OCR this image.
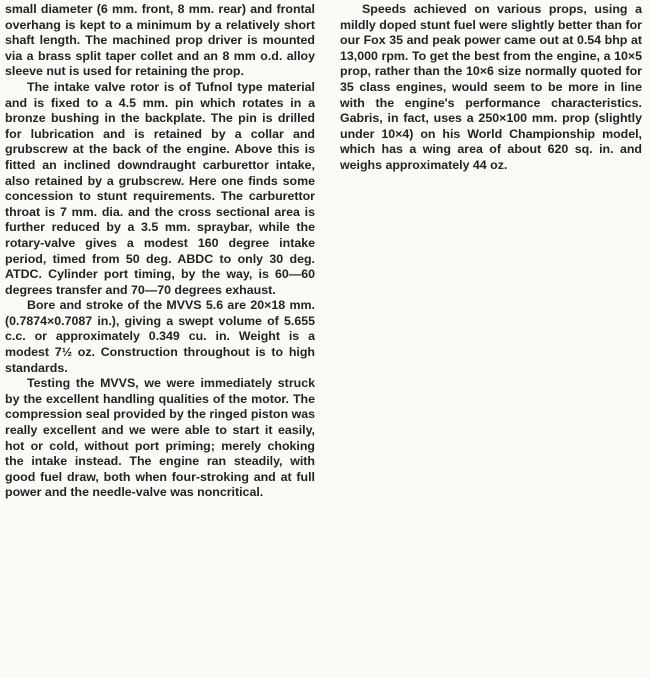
small diameter (6 mm. front, 8 mm. rear) and frontal overhang is kept to a minimum by a relatively short shaft length. The machined prop driver is mounted via a brass split taper collet and an 8 mm o.d. alloy sleeve nut is used for retaining the prop.

The intake valve rotor is of Tufnol type material and is fixed to a 4.5 mm. pin which rotates in a bronze bushing in the backplate. The pin is drilled for lubrication and is retained by a collar and grubscrew at the back of the engine. Above this is fitted an inclined downdraught carburettor intake, also retained by a grubscrew. Here one finds some concession to stunt requirements. The carburettor throat is 7 mm. dia. and the cross sectional area is further reduced by a 3.5 mm. spraybar, while the rotary-valve gives a modest 160 degree intake period, timed from 50 deg. ABDC to only 30 deg. ATDC. Cylinder port timing, by the way, is 60—60 degrees transfer and 70—70 degrees exhaust.

Bore and stroke of the MVVS 5.6 are 20×18 mm. (0.7874×0.7087 in.), giving a swept volume of 5.655 c.c. or approximately 0.349 cu. in. Weight is a modest 7½ oz. Construction throughout is to high standards.

Testing the MVVS, we were immediately struck by the excellent handling qualities of the motor. The compression seal provided by the ringed piston was really excellent and we were able to start it easily, hot or cold, without port priming; merely choking the intake instead. The engine ran steadily, with good fuel draw, both when four-stroking and at full power and the needle-valve was noncritical.

Speeds achieved on various props, using a mildly doped stunt fuel were slightly better than for our Fox 35 and peak power came out at 0.54 bhp at 13,000 rpm. To get the best from the engine, a 10×5 prop, rather than the 10×6 size normally quoted for 35 class engines, would seem to be more in line with the engine's performance characteristics. Gabris, in fact, uses a 250×100 mm. prop (slightly under 10×4) on his World Championship model, which has a wing area of about 620 sq. in. and weighs approximately 44 oz.
